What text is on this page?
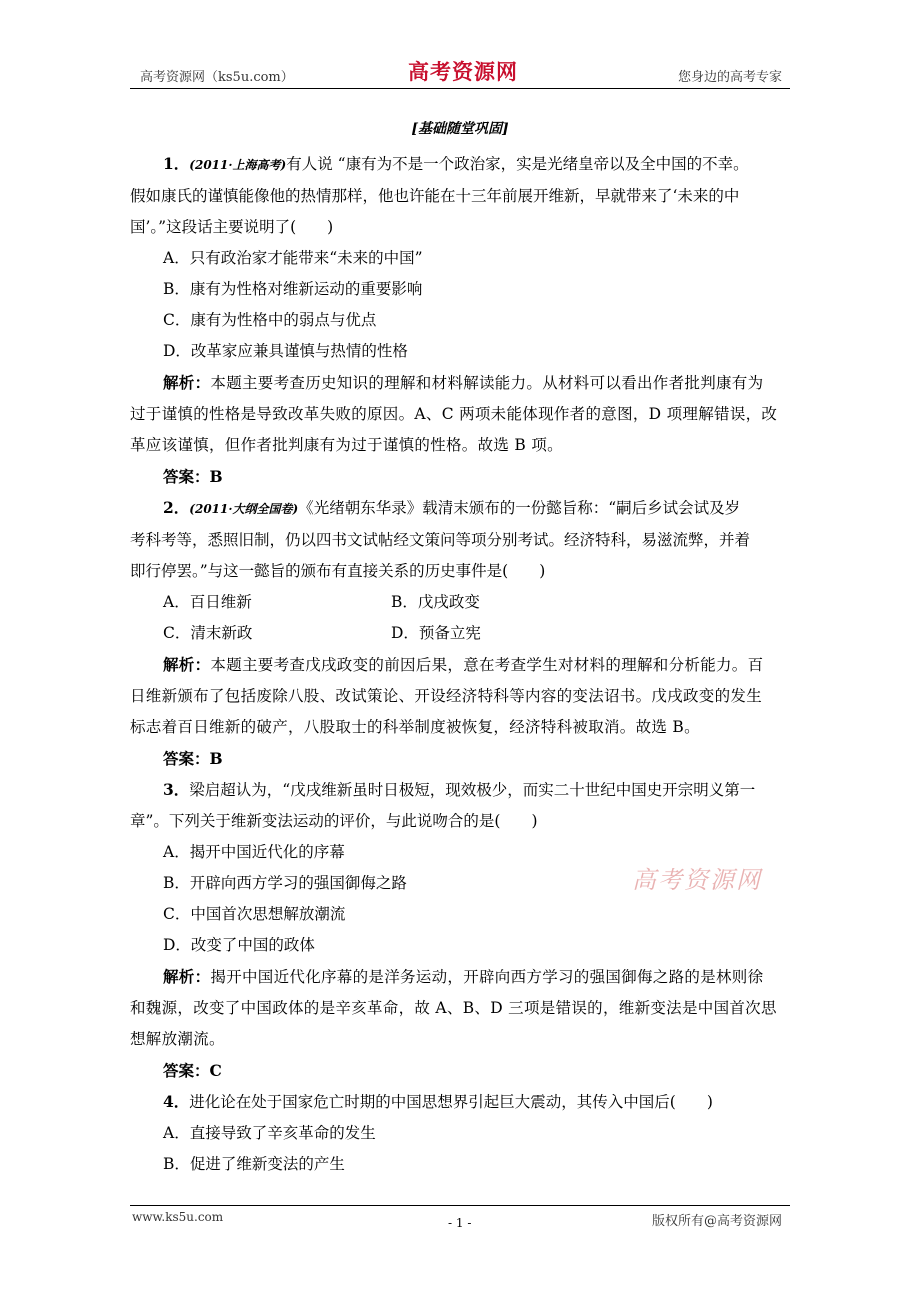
高考资源网（ks5u.com）	高考资源网	您身边的高考专家
[基础随堂巩固]

1．(2011·上海高考)有人说 “康有为不是一个政治家，实是光绪皇帝以及全中国的不幸。

假如康氏的谨慎能像他的热情那样，他也许能在十三年前展开维新，早就带来了‘未来的中

国’。”这段话主要说明了(　　)

A．只有政治家才能带来“未来的中国”

B．康有为性格对维新运动的重要影响

C．康有为性格中的弱点与优点

D．改革家应兼具谨慎与热情的性格

解析：本题主要考查历史知识的理解和材料解读能力。从材料可以看出作者批判康有为

过于谨慎的性格是导致改革失败的原因。A、C 两项未能体现作者的意图，D 项理解错误，改

革应该谨慎，但作者批判康有为过于谨慎的性格。故选 B 项。

答案：B

2．(2011·大纲全国卷)《光绪朝东华录》载清末颁布的一份懿旨称：“嗣后乡试会试及岁

考科考等，悉照旧制，仍以四书文试帖经文策问等项分别考试。经济特科，易滋流弊，并着

即行停罢。”与这一懿旨的颁布有直接关系的历史事件是(　　)

A．百日维新	B．戊戌政变

C．清末新政	D．预备立宪

解析：本题主要考查戊戌政变的前因后果，意在考查学生对材料的理解和分析能力。百

日维新颁布了包括废除八股、改试策论、开设经济特科等内容的变法诏书。戊戌政变的发生

标志着百日维新的破产，八股取士的科举制度被恢复，经济特科被取消。故选 B。

答案：B

3．梁启超认为，“戊戌维新虽时日极短，现效极少，而实二十世纪中国史开宗明义第一

章”。下列关于维新变法运动的评价，与此说吻合的是(　　)

A．揭开中国近代化的序幕

B．开辟向西方学习的强国御侮之路

C．中国首次思想解放潮流

D．改变了中国的政体

解析：揭开中国近代化序幕的是洋务运动，开辟向西方学习的强国御侮之路的是林则徐

和魏源，改变了中国政体的是辛亥革命，故 A、B、D 三项是错误的，维新变法是中国首次思

想解放潮流。

答案：C

4．进化论在处于国家危亡时期的中国思想界引起巨大震动，其传入中国后(　　)

A．直接导致了辛亥革命的发生

B．促进了维新变法的产生

高考资源网
www.ks5u.com	- 1 -	版权所有@高考资源网
